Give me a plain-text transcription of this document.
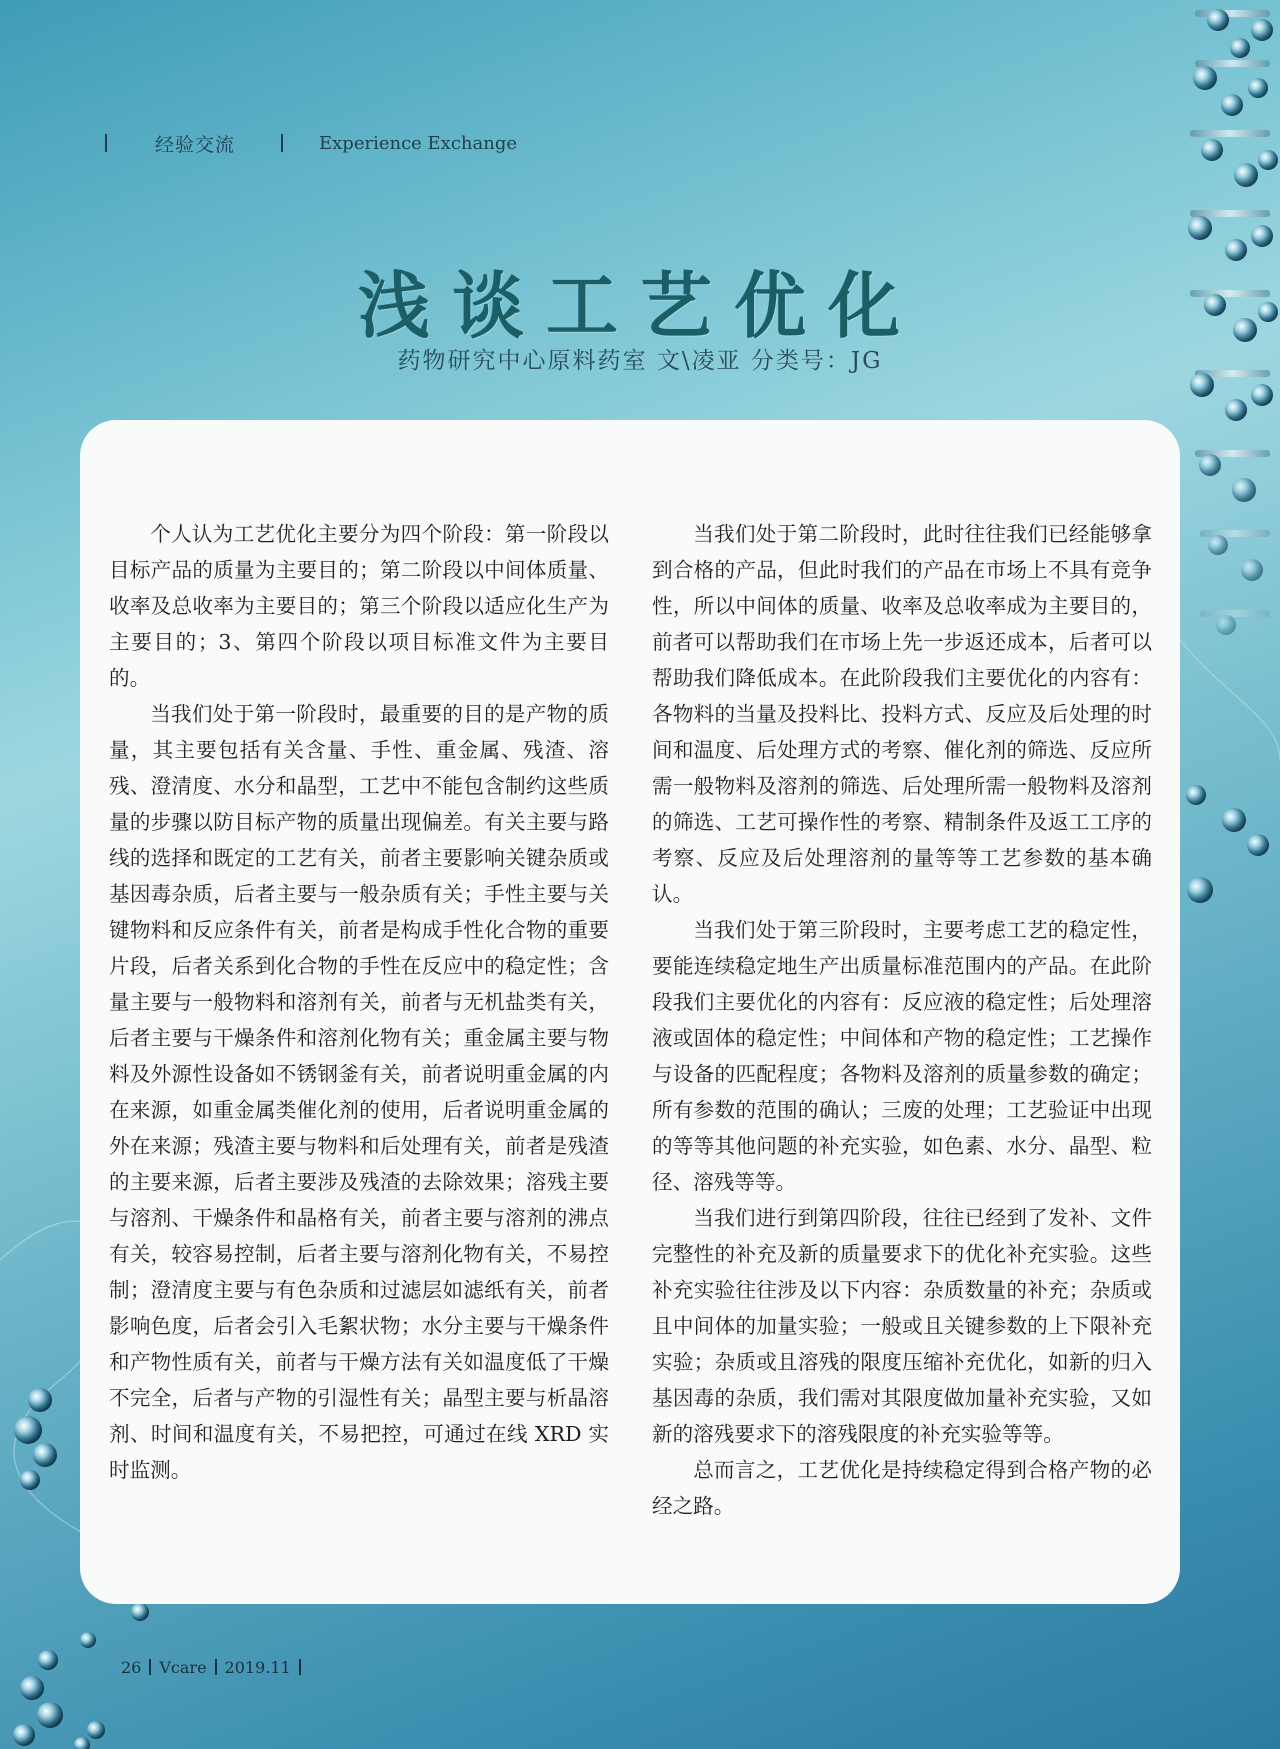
经验交流	Experience Exchange
浅谈工艺优化
药物研究中心原料药室 文\凌亚 分类号：JG

个人认为工艺优化主要分为四个阶段：第一阶段以目标产品的质量为主要目的；第二阶段以中间体质量、收率及总收率为主要目的；第三个阶段以适应化生产为主要目的；3、第四个阶段以项目标准文件为主要目的。

当我们处于第一阶段时，最重要的目的是产物的质量，其主要包括有关含量、手性、重金属、残渣、溶残、澄清度、水分和晶型，工艺中不能包含制约这些质量的步骤以防目标产物的质量出现偏差。有关主要与路线的选择和既定的工艺有关，前者主要影响关键杂质或基因毒杂质，后者主要与一般杂质有关；手性主要与关键物料和反应条件有关，前者是构成手性化合物的重要片段，后者关系到化合物的手性在反应中的稳定性；含量主要与一般物料和溶剂有关，前者与无机盐类有关，后者主要与干燥条件和溶剂化物有关；重金属主要与物料及外源性设备如不锈钢釜有关，前者说明重金属的内在来源，如重金属类催化剂的使用，后者说明重金属的外在来源；残渣主要与物料和后处理有关，前者是残渣的主要来源，后者主要涉及残渣的去除效果；溶残主要与溶剂、干燥条件和晶格有关，前者主要与溶剂的沸点有关，较容易控制，后者主要与溶剂化物有关，不易控制；澄清度主要与有色杂质和过滤层如滤纸有关，前者影响色度，后者会引入毛絮状物；水分主要与干燥条件和产物性质有关，前者与干燥方法有关如温度低了干燥不完全，后者与产物的引湿性有关；晶型主要与析晶溶剂、时间和温度有关，不易把控，可通过在线 XRD 实时监测。

当我们处于第二阶段时，此时往往我们已经能够拿到合格的产品，但此时我们的产品在市场上不具有竞争性，所以中间体的质量、收率及总收率成为主要目的，前者可以帮助我们在市场上先一步返还成本，后者可以帮助我们降低成本。在此阶段我们主要优化的内容有：各物料的当量及投料比、投料方式、反应及后处理的时间和温度、后处理方式的考察、催化剂的筛选、反应所需一般物料及溶剂的筛选、后处理所需一般物料及溶剂的筛选、工艺可操作性的考察、精制条件及返工工序的考察、反应及后处理溶剂的量等等工艺参数的基本确认。

当我们处于第三阶段时，主要考虑工艺的稳定性，要能连续稳定地生产出质量标准范围内的产品。在此阶段我们主要优化的内容有：反应液的稳定性；后处理溶液或固体的稳定性；中间体和产物的稳定性；工艺操作与设备的匹配程度；各物料及溶剂的质量参数的确定；所有参数的范围的确认；三废的处理；工艺验证中出现的等等其他问题的补充实验，如色素、水分、晶型、粒径、溶残等等。

当我们进行到第四阶段，往往已经到了发补、文件完整性的补充及新的质量要求下的优化补充实验。这些补充实验往往涉及以下内容：杂质数量的补充；杂质或且中间体的加量实验；一般或且关键参数的上下限补充实验；杂质或且溶残的限度压缩补充优化，如新的归入基因毒的杂质，我们需对其限度做加量补充实验，又如新的溶残要求下的溶残限度的补充实验等等。

总而言之，工艺优化是持续稳定得到合格产物的必经之路。

26 Vcare 2019.11
